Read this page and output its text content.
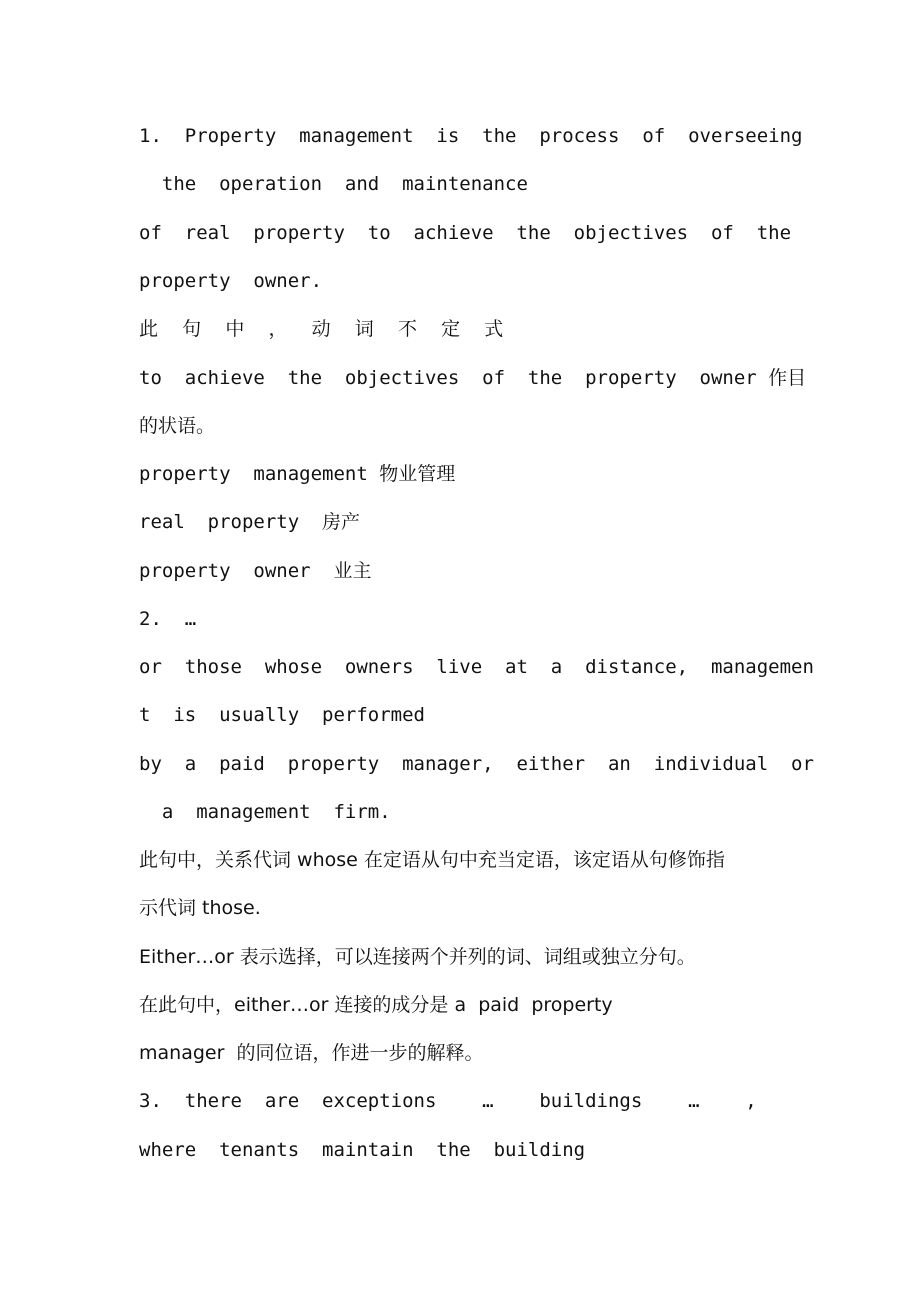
1.  Property  management  is  the  process  of  overseeing
the  operation  and  maintenance
of  real  property  to  achieve  the  objectives  of  the
property  owner.
此    句    中    ，    动    词    不    定    式
to  achieve  the  objectives  of  the  property  owner 作目
的状语。
property  management 物业管理
real  property  房产
property  owner  业主
2.  …
or  those  whose  owners  live  at  a  distance,  managemen
t  is  usually  performed
by  a  paid  property  manager,  either  an  individual  or
a  management  firm.
此句中，关系代词 whose 在定语从句中充当定语，该定语从句修饰指
示代词 those.
Either…or 表示选择，可以连接两个并列的词、词组或独立分句。
在此句中，either…or 连接的成分是 a  paid  property
manager  的同位语，作进一步的解释。
3.  there  are  exceptions    …    buildings    …    ,
where  tenants  maintain  the  building
